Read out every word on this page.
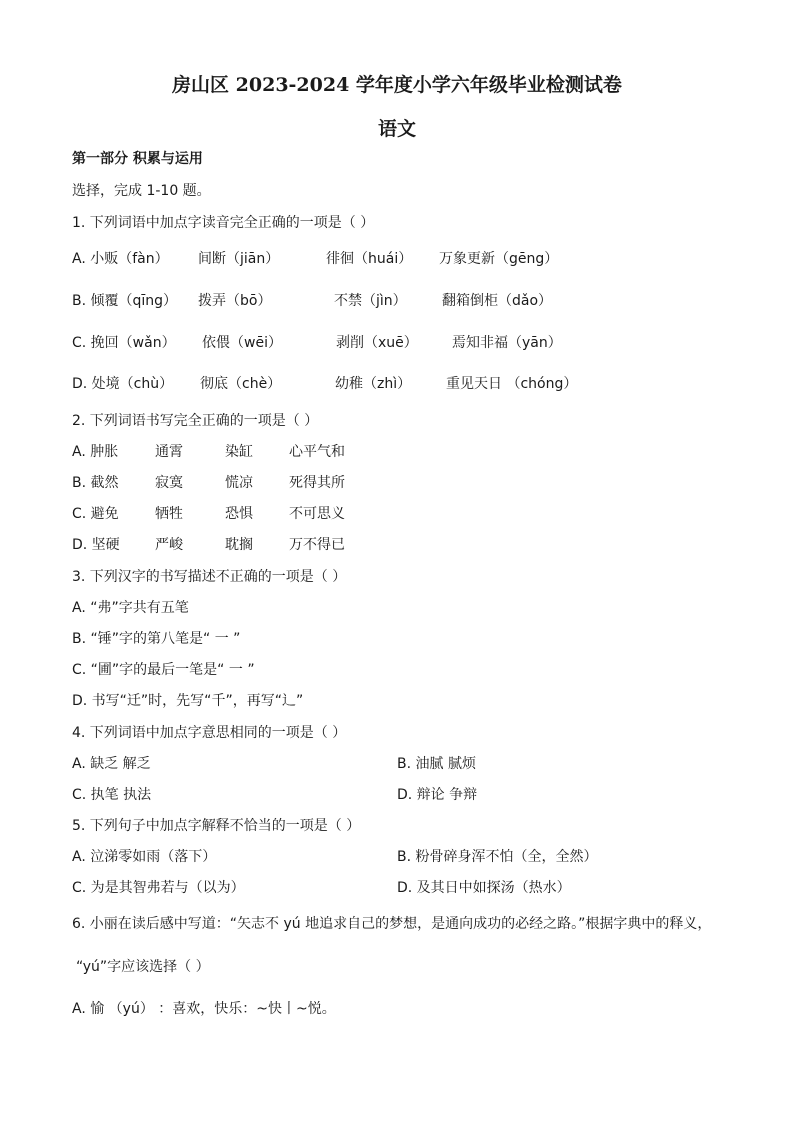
房山区 2023-2024 学年度小学六年级毕业检测试卷
语文
第一部分 积累与运用
选择，完成 1-10 题。
1. 下列词语中加点字读音完全正确的一项是（ ）
A. 小贩（fàn） 间断（jiān）	徘徊（huái） 万象更新（gēng）
B. 倾覆（qīng） 拨弄（bō）	不禁（jìn）	翻箱倒柜（dǎo）
C. 挽回（wǎn） 依偎（wēi）	剥削（xuē） 焉知非福（yān）
D. 处境（chù） 彻底（chè）	幼稚（zhì） 重见天日 （chóng）
2. 下列词语书写完全正确的一项是（ ）
A. 肿胀	通霄	染缸	心平气和
B. 截然	寂寞	慌凉	死得其所
C. 避免	牺牲	恐惧	不可思义
D. 坚硬	严峻	耽搁	万不得已
3. 下列汉字的书写描述不正确的一项是（ ）
A. “弗”字共有五笔
B. “锤”字的第八笔是“ 一 ”
C. “圃”字的最后一笔是“ 一 ”
D. 书写“迁”时，先写“千”，再写“辶”
4. 下列词语中加点字意思相同的一项是（ ）
A. 缺乏 解乏	B. 油腻 腻烦
C. 执笔 执法	D. 辩论 争辩
5. 下列句子中加点字解释不恰当的一项是（ ）
A. 泣涕零如雨（落下）	B. 粉骨碎身浑不怕（全，全然）
C. 为是其智弗若与（以为）	D. 及其日中如探汤（热水）
6. 小丽在读后感中写道：“矢志不 yú 地追求自己的梦想，是通向成功的必经之路。”根据字典中的释义，
“yú”字应该选择（ ）
A. 愉 （yú） ：喜欢，快乐：~快丨~悦。
